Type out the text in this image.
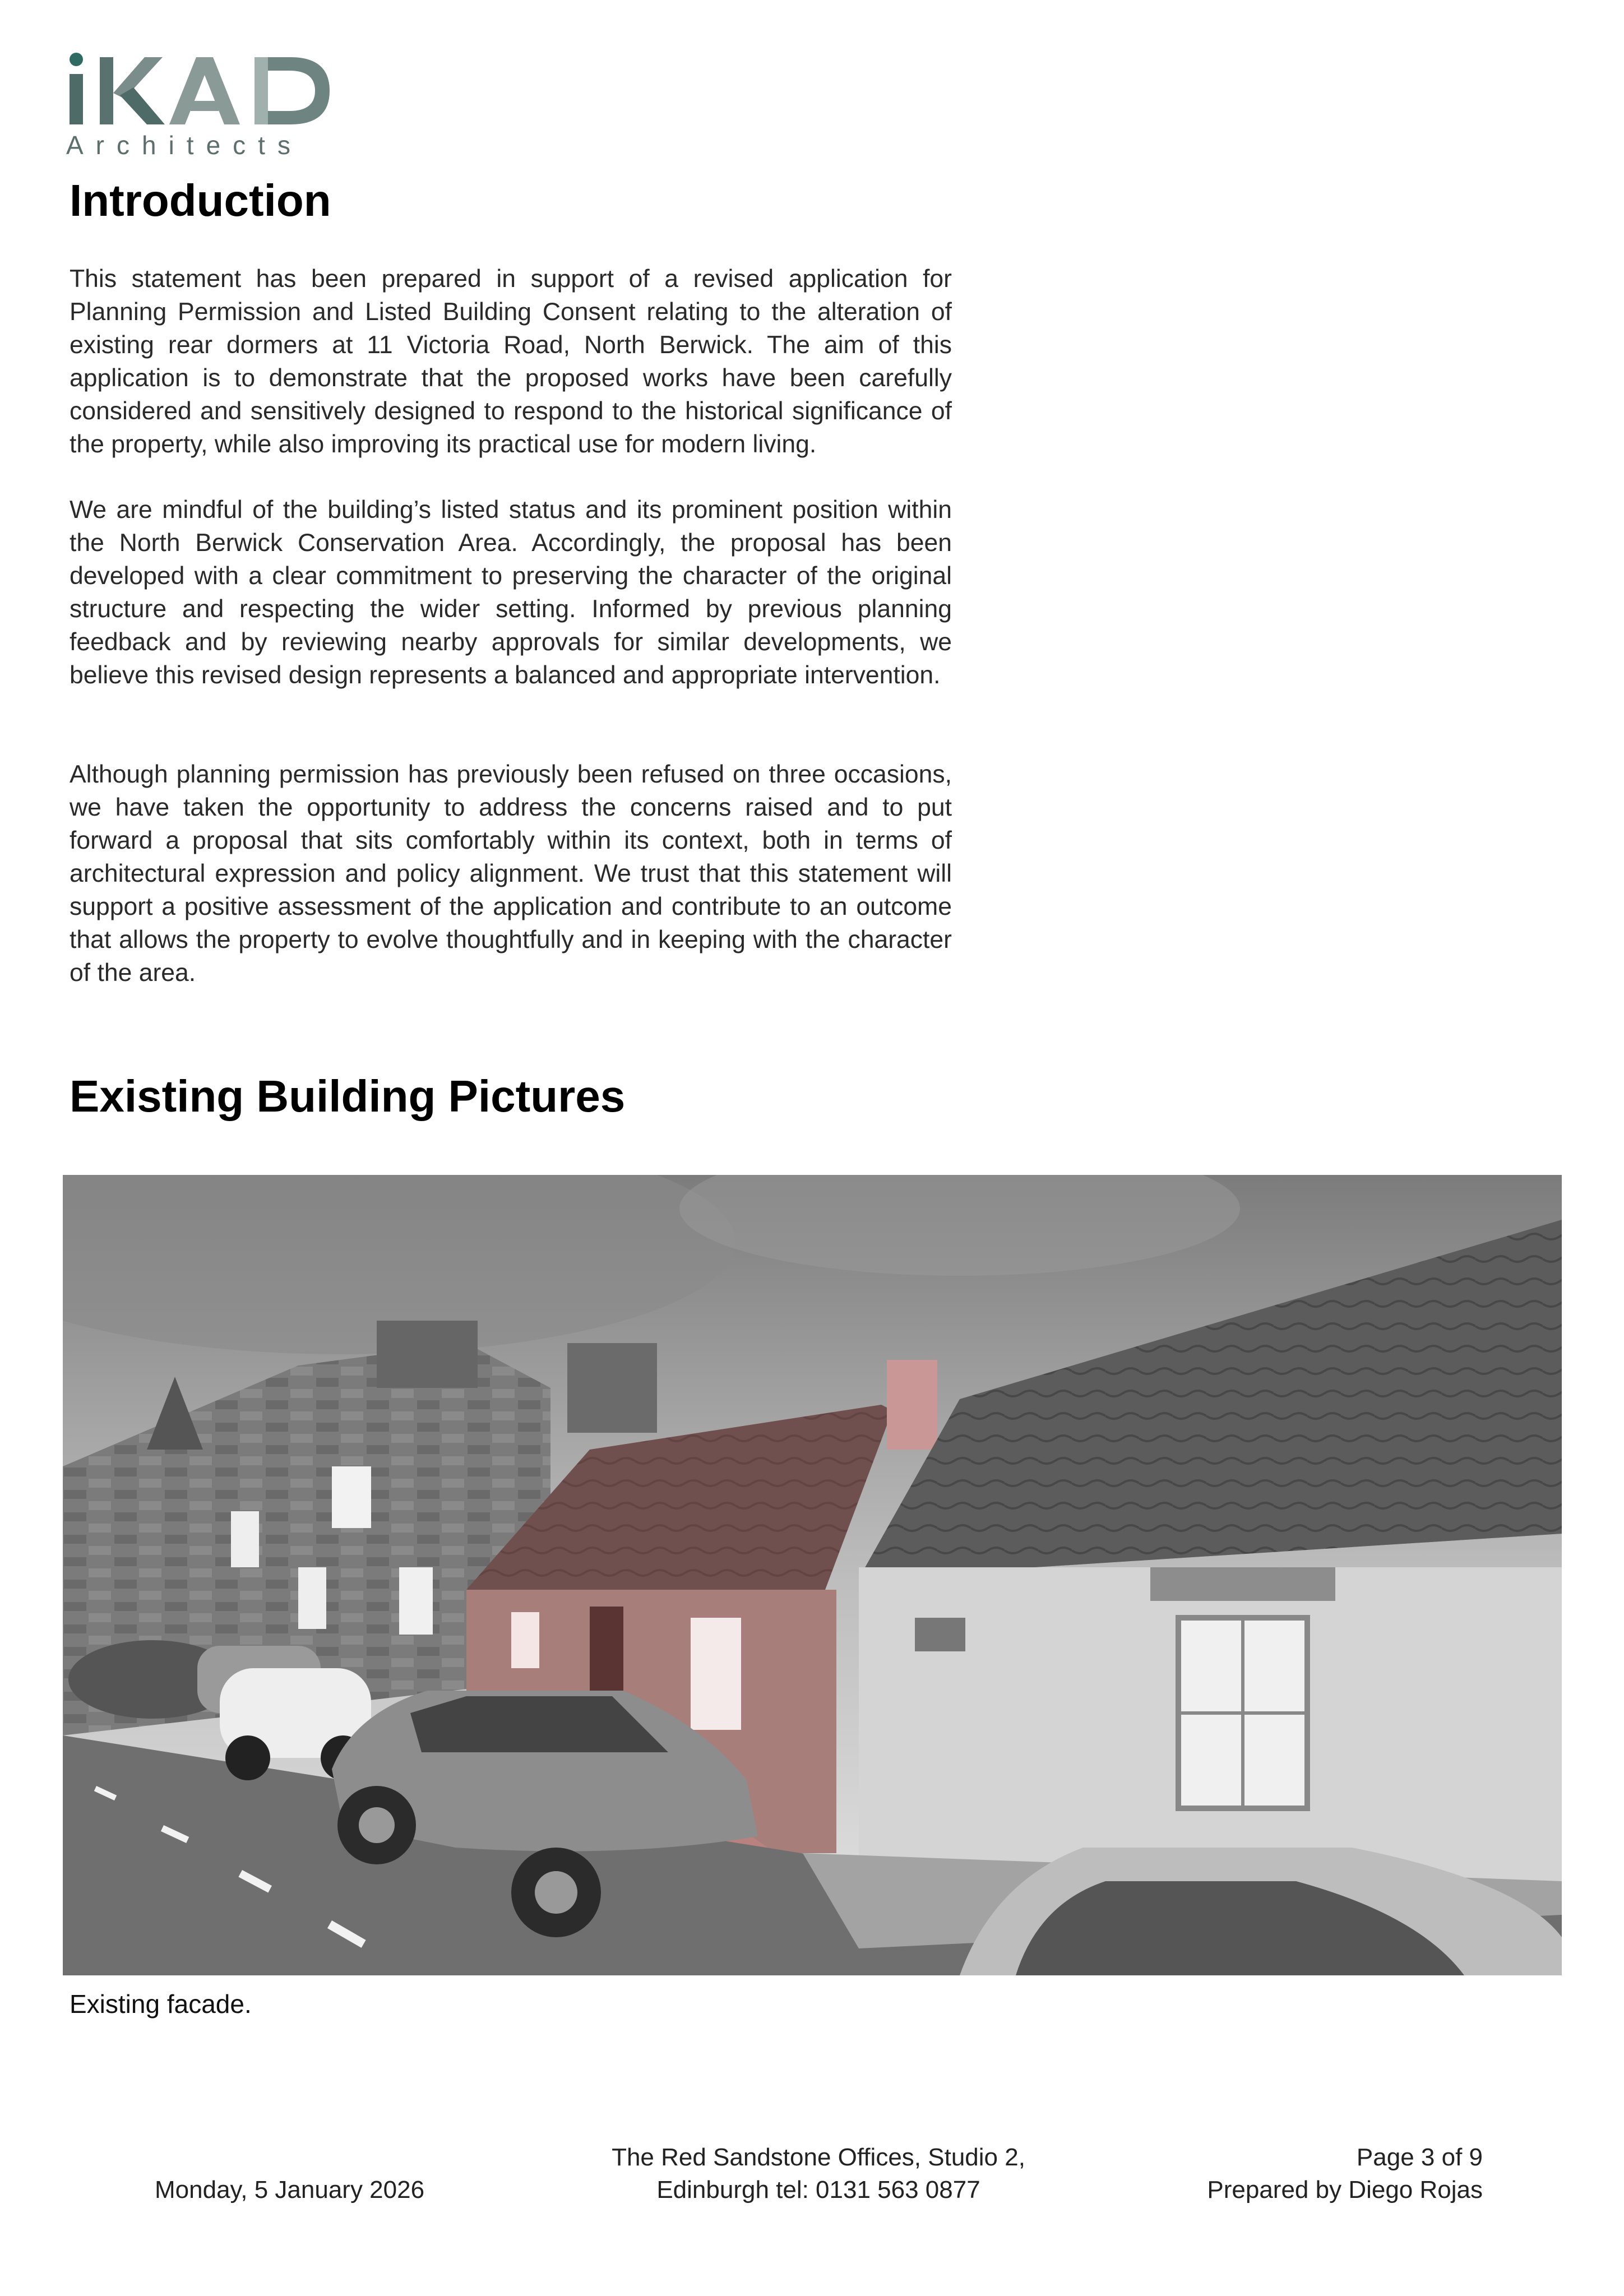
Architects
Introduction

This statement has been prepared in support of a revised application for Planning Permission and Listed Building Consent relating to the alteration of existing rear dormers at 11 Victoria Road, North Berwick. The aim of this application is to demonstrate that the proposed works have been carefully considered and sensitively designed to respond to the historical significance of the property, while also improving its practical use for modern living.

We are mindful of the building’s listed status and its prominent position within the North Berwick Conservation Area. Accordingly, the proposal has been developed with a clear commitment to preserving the character of the original structure and respecting the wider setting. Informed by previous planning feedback and by reviewing nearby approvals for similar developments, we believe this revised design represents a balanced and appropriate intervention.

Although planning permission has previously been refused on three occasions, we have taken the opportunity to address the concerns raised and to put forward a proposal that sits comfortably within its context, both in terms of architectural expression and policy alignment. We trust that this statement will support a positive assessment of the application and contribute to an outcome that allows the property to evolve thoughtfully and in keeping with the character of the area.

Existing Building Pictures
Existing facade.
Monday, 5 January 2026
The Red Sandstone Offices, Studio 2,
Edinburgh tel: 0131 563 0877
Page 3 of 9
Prepared by Diego Rojas
